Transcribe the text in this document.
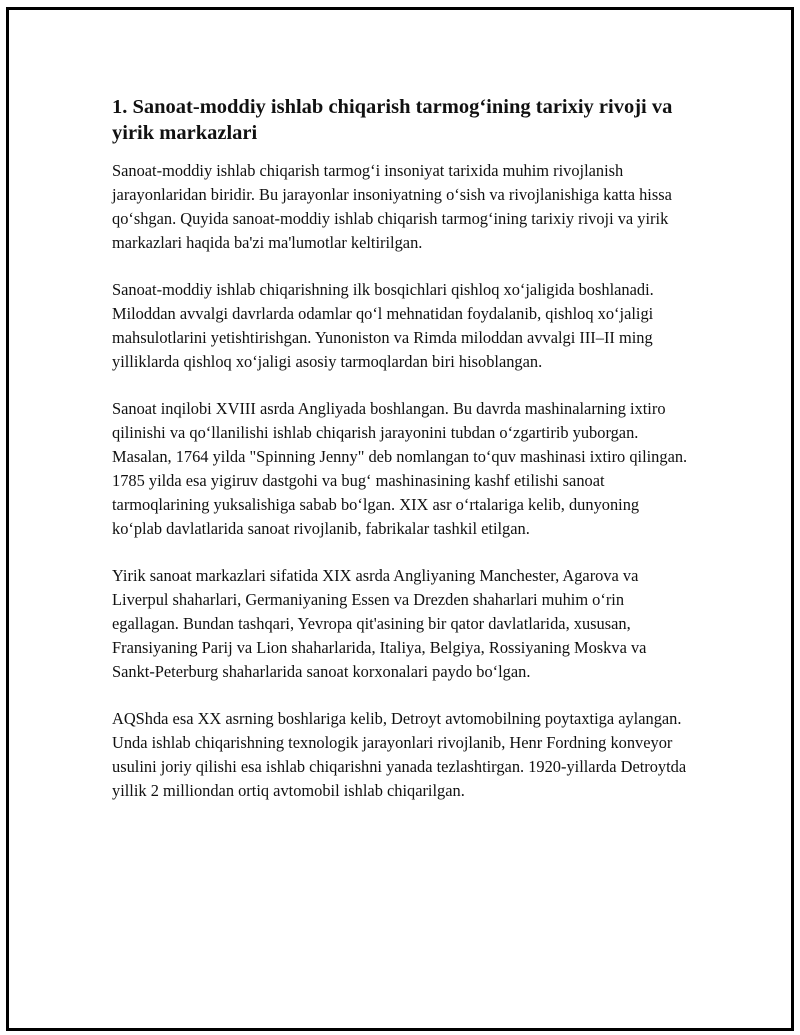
1. Sanoat-moddiy ishlab chiqarish tarmog‘ining tarixiy rivoji va yirik markazlari

Sanoat-moddiy ishlab chiqarish tarmog‘i insoniyat tarixida muhim rivojlanish jarayonlaridan biridir. Bu jarayonlar insoniyatning o‘sish va rivojlanishiga katta hissa qo‘shgan. Quyida sanoat-moddiy ishlab chiqarish tarmog‘ining tarixiy rivoji va yirik markazlari haqida ba'zi ma'lumotlar keltirilgan.

Sanoat-moddiy ishlab chiqarishning ilk bosqichlari qishloq xo‘jaligida boshlanadi. Miloddan avvalgi davrlarda odamlar qo‘l mehnatidan foydalanib, qishloq xo‘jaligi mahsulotlarini yetishtirishgan. Yunoniston va Rimda miloddan avvalgi III–II ming yilliklarda qishloq xo‘jaligi asosiy tarmoqlardan biri hisoblangan.

Sanoat inqilobi XVIII asrda Angliyada boshlangan. Bu davrda mashinalarning ixtiro qilinishi va qo‘llanilishi ishlab chiqarish jarayonini tubdan o‘zgartirib yuborgan. Masalan, 1764 yilda "Spinning Jenny" deb nomlangan to‘quv mashinasi ixtiro qilingan. 1785 yilda esa yigiruv dastgohi va bug‘ mashinasining kashf etilishi sanoat tarmoqlarining yuksalishiga sabab bo‘lgan. XIX asr o‘rtalariga kelib, dunyoning ko‘plab davlatlarida sanoat rivojlanib, fabrikalar tashkil etilgan.

Yirik sanoat markazlari sifatida XIX asrda Angliyaning Manchester, Agarova va Liverpul shaharlari, Germaniyaning Essen va Drezden shaharlari muhim o‘rin egallagan. Bundan tashqari, Yevropa qit'asining bir qator davlatlarida, xususan, Fransiyaning Parij va Lion shaharlarida, Italiya, Belgiya, Rossiyaning Moskva va Sankt-Peterburg shaharlarida sanoat korxonalari paydo bo‘lgan.

AQShda esa XX asrning boshlariga kelib, Detroyt avtomobilning poytaxtiga aylangan. Unda ishlab chiqarishning texnologik jarayonlari rivojlanib, Henr Fordning konveyor usulini joriy qilishi esa ishlab chiqarishni yanada tezlashtirgan. 1920-yillarda Detroytda yillik 2 milliondan ortiq avtomobil ishlab chiqarilgan.
